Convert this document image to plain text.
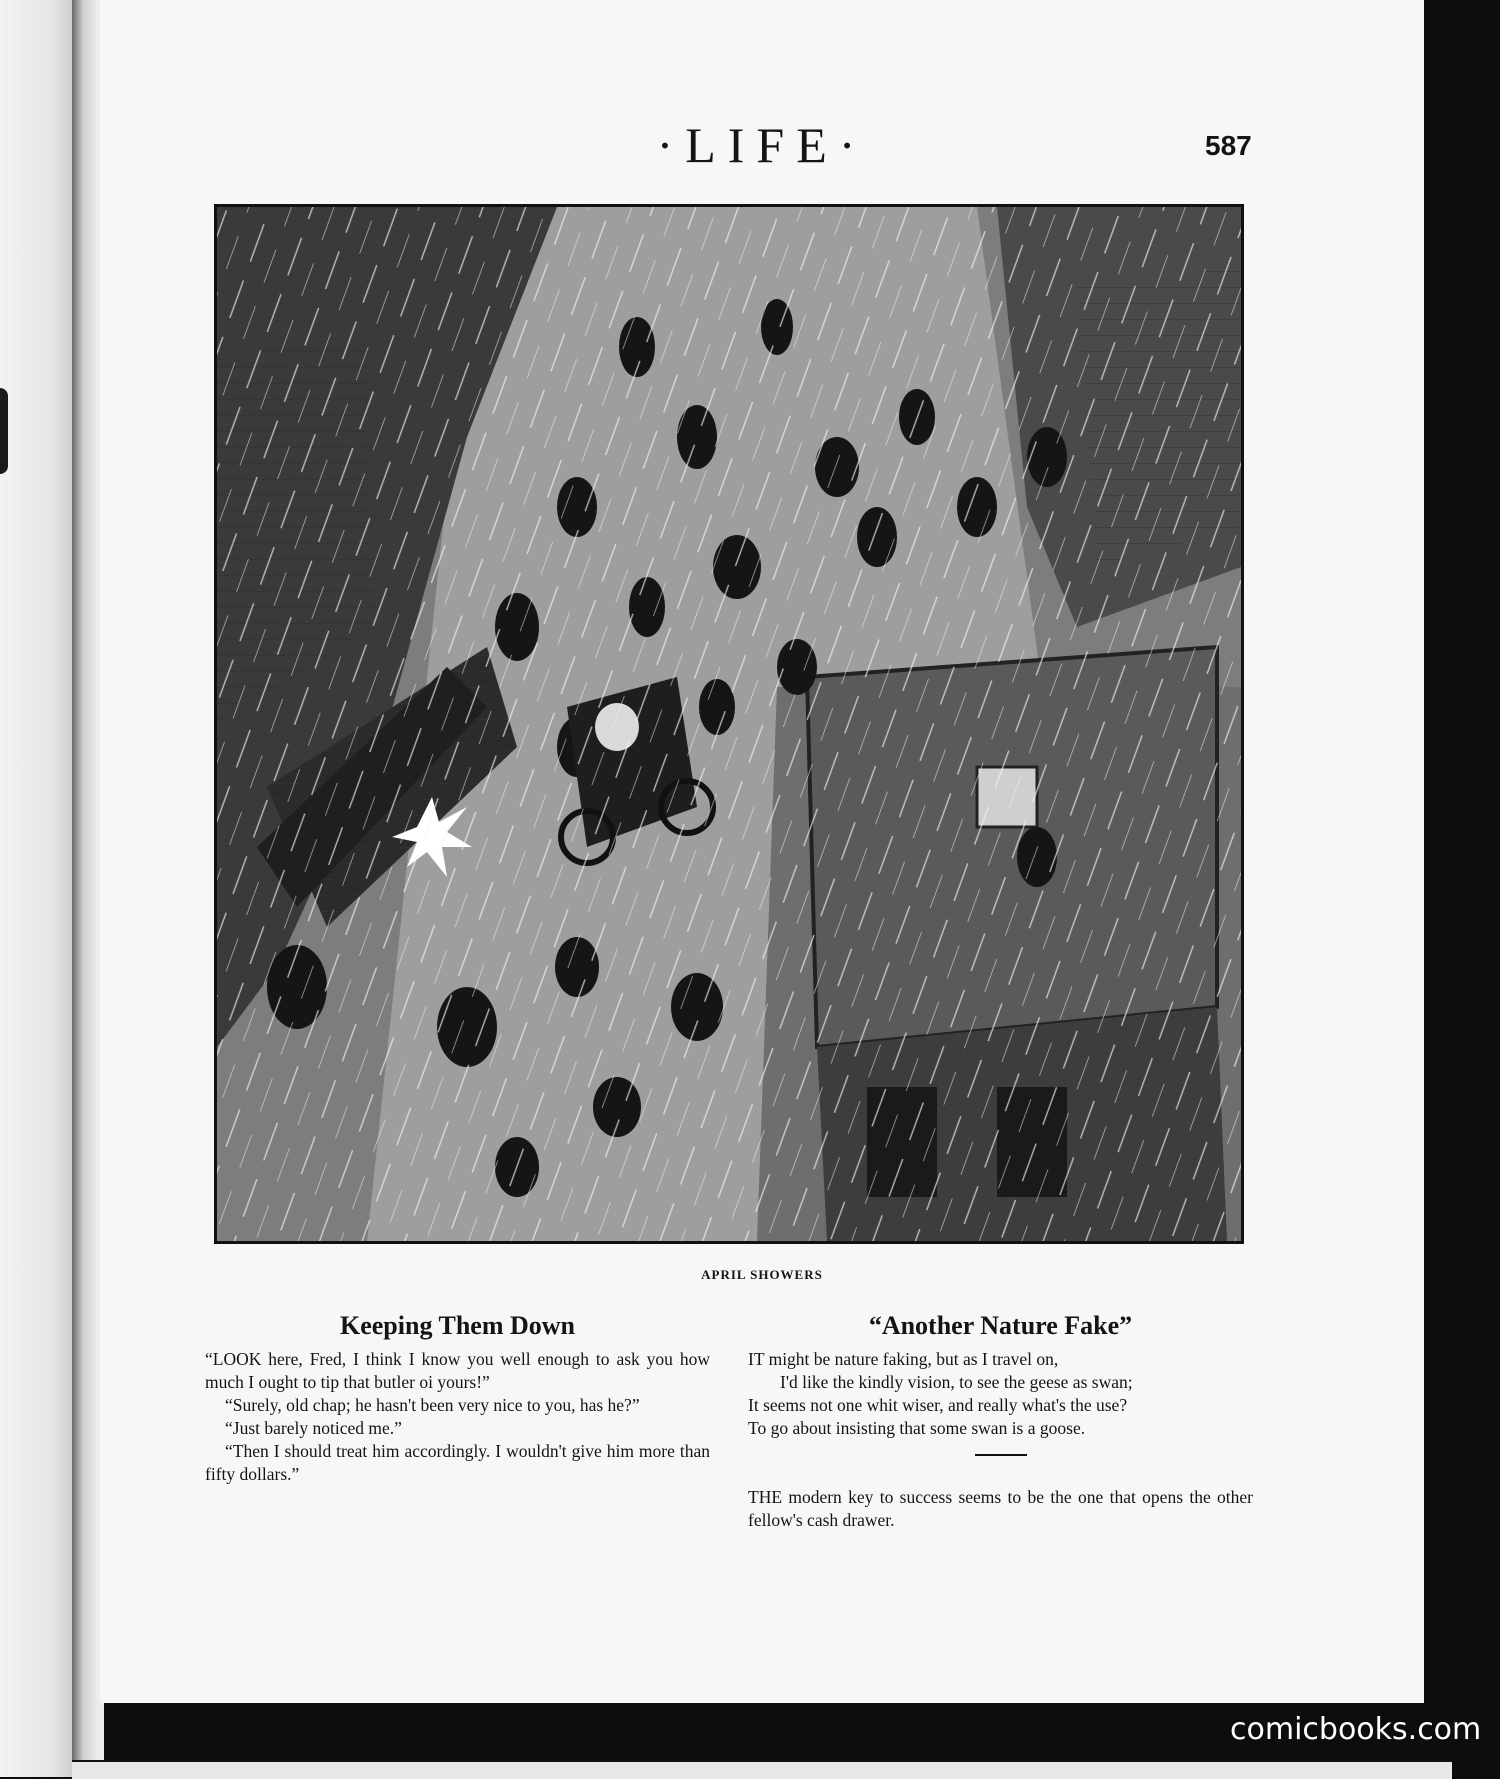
·LIFE·	587
APRIL SHOWERS
Keeping Them Down

“LOOK here, Fred, I think I know you well enough to ask you how much I ought to tip that butler oi yours!”

“Surely, old chap; he hasn't been very nice to you, has he?”

“Just barely noticed me.”

“Then I should treat him accordingly. I wouldn't give him more than fifty dollars.”

“Another Nature Fake”
IT might be nature faking, but as I travel on,
I'd like the kindly vision, to see the geese as swan;
It seems not one whit wiser, and really what's the use?
To go about insisting that some swan is a goose.

THE modern key to success seems to be the one that opens the other fellow's cash drawer.

comicbooks.com
